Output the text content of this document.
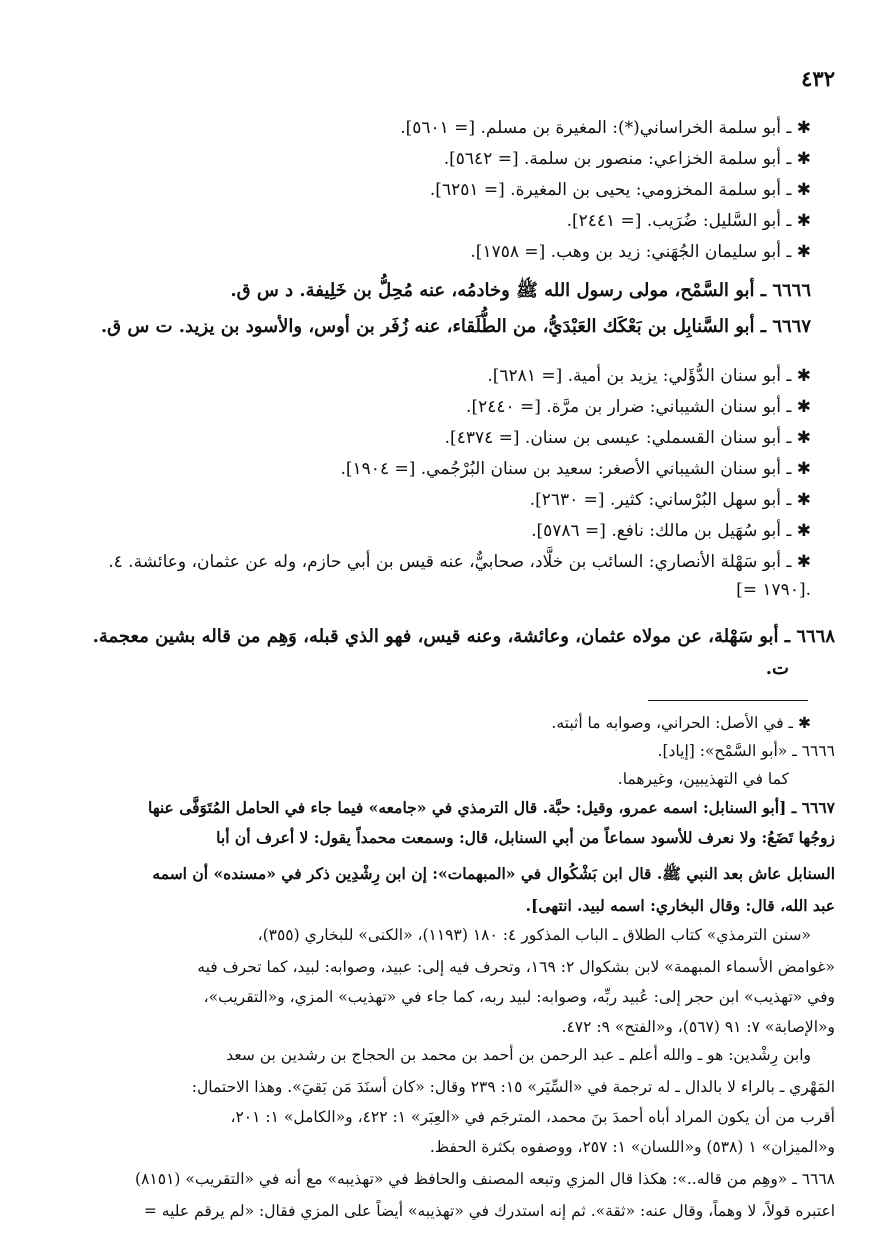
٤٣٢
✱ ـ أبو سلمة الخراساني(*): المغيرة بن مسلم. [= ٥٦٠١].
✱ ـ أبو سلمة الخزاعي: منصور بن سلمة. [= ٥٦٤٢].
✱ ـ أبو سلمة المخزومي: يحيى بن المغيرة. [= ٦٢٥١].
✱ ـ أبو السَّليل: ضُرَيب. [= ٢٤٤١].
✱ ـ أبو سليمان الجُهَني: زيد بن وهب. [= ١٧٥٨].
٦٦٦٦ ـ أبو السَّمْح، مولى رسول الله ﷺ وخادمُه، عنه مُحِلُّ بن خَلِيفة. د س ق.
٦٦٦٧ ـ أبو السَّنابِل بن بَعْكَك العَبْدَيُّ، من الطُّلَقاء، عنه زُفَر بن أوس، والأسود بن يزيد. ت س ق.
✱ ـ أبو سنان الدُّؤَلي: يزيد بن أمية. [= ٦٢٨١].
✱ ـ أبو سنان الشيباني: ضرار بن مرَّة. [= ٢٤٤٠].
✱ ـ أبو سنان القسملي: عيسى بن سنان. [= ٤٣٧٤].
✱ ـ أبو سنان الشيباني الأصغر: سعيد بن سنان البُرْجُمي. [= ١٩٠٤].
✱ ـ أبو سهل البُرْساني: كثير. [= ٢٦٣٠].
✱ ـ أبو سُهَيل بن مالك: نافع. [= ٥٧٨٦].
✱ ـ أبو سَهْلة الأنصاري: السائب بن خلَّاد، صحابيٌّ، عنه قيس بن أبي حازم، وله عن عثمان، وعائشة. ٤.
[= ١٧٩٠].
٦٦٦٨ ـ أبو سَهْلة، عن مولاه عثمان، وعائشة، وعنه قيس، فهو الذي قبله، وَهِم من قاله بشين معجمة.
ت.
✱ ـ في الأصل: الحراني، وصوابه ما أثبته.
٦٦٦٦ ـ «أبو السَّمْح»: [إياد].
كما في التهذيبين، وغيرهما.
٦٦٦٧ ـ [أبو السنابل: اسمه عمرو، وقيل: حبَّة. قال الترمذي في «جامعه» فيما جاء في الحامل المُتَوَفَّى عنها
زوجُها تَضَعُ: ولا نعرف للأسود سماعاً من أبي السنابل، قال: وسمعت محمداً يقول: لا أعرف أن أبا
السنابل عاش بعد النبي ﷺ. قال ابن بَشْكُوال في «المبهمات»: إن ابن رِشْدِين ذكر في «مسنده» أن اسمه
عبد الله، قال: وقال البخاري: اسمه لبيد. انتهى].
«سنن الترمذي» كتاب الطلاق ـ الباب المذكور ٤: ١٨٠ (١١٩٣)، «الكنى» للبخاري (٣٥٥)،
«غوامض الأسماء المبهمة» لابن بشكوال ٢: ١٦٩، وتحرف فيه إلى: عبيد، وصوابه: لبيد، كما تحرف فيه
وفي «تهذيب» ابن حجر إلى: عُبيد ربِّه، وصوابه: لبيد ربه، كما جاء في «تهذيب» المزي، و«التقريب»،
و«الإصابة» ٧: ٩١ (٥٦٧)، و«الفتح» ٩: ٤٧٢.
وابن رِشْدين: هو ـ والله أعلم ـ عبد الرحمن بن أحمد بن محمد بن الحجاج بن رشدين بن سعد
المَهْري ـ بالراء لا بالدال ـ له ترجمة في «السِّيَر» ١٥: ٢٣٩ وقال: «كان أسنَدَ مَن بَقيَ». وهذا الاحتمال:
أقرب من أن يكون المراد أباه أحمدَ بنَ محمد، المترجَم في «العِبَر» ١: ٤٢٢، و«الكامل» ١: ٢٠١،
و«الميزان» ١ (٥٣٨) و«اللسان» ١: ٢٥٧، ووصفوه بكثرة الحفظ.
٦٦٦٨ ـ «وهِم من قاله..»: هكذا قال المزي وتبعه المصنف والحافظ في «تهذيبه» مع أنه في «التقريب» (٨١٥١)
اعتبره قولاً، لا وهماً، وقال عنه: «ثقة». ثم إنه استدرك في «تهذيبه» أيضاً على المزي فقال: «لم يرقم عليه =
